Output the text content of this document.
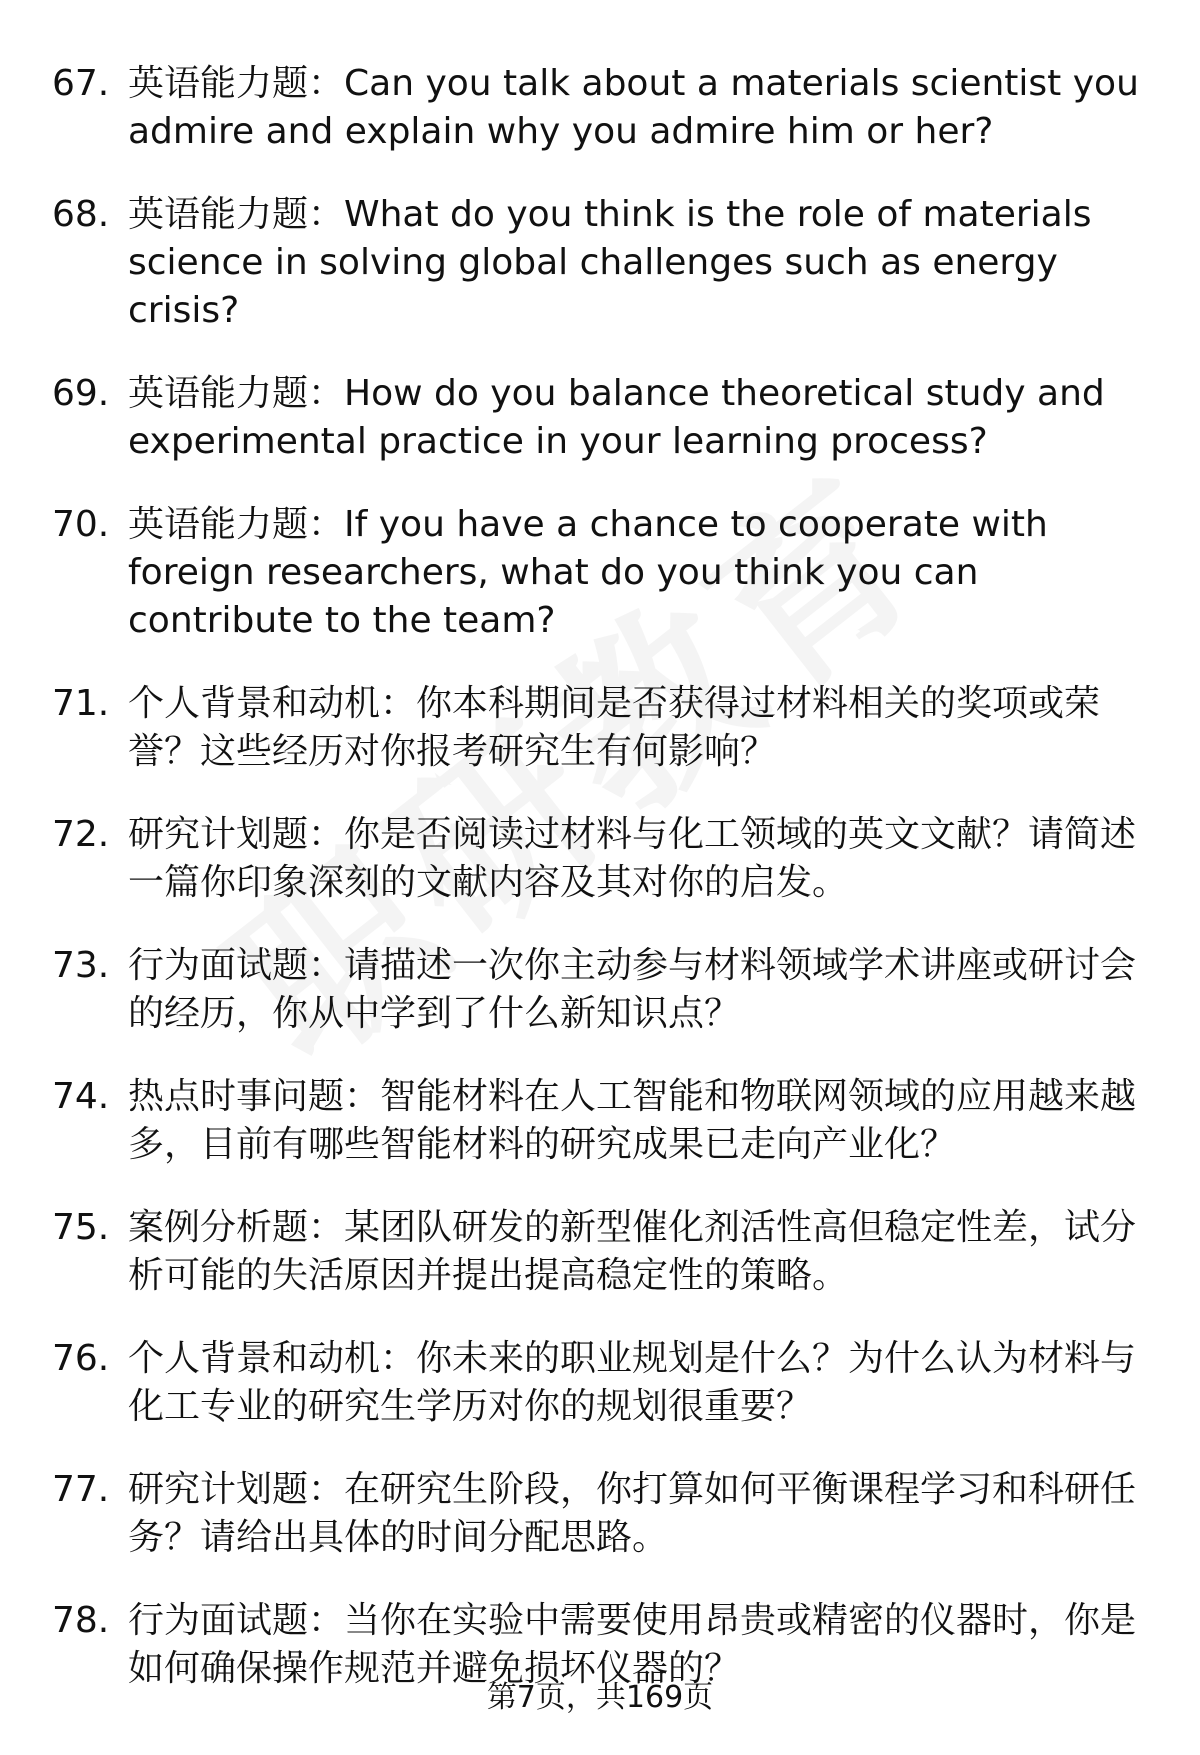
67. 英语能力题：Can you talk about a materials scientist you admire and explain why you admire him or her?
68. 英语能力题：What do you think is the role of materials science in solving global challenges such as energy crisis?
69. 英语能力题：How do you balance theoretical study and experimental practice in your learning process?
70. 英语能力题：If you have a chance to cooperate with foreign researchers, what do you think you can contribute to the team?
71. 个人背景和动机：你本科期间是否获得过材料相关的奖项或荣誉？这些经历对你报考研究生有何影响？
72. 研究计划题：你是否阅读过材料与化工领域的英文文献？请简述一篇你印象深刻的文献内容及其对你的启发。
73. 行为面试题：请描述一次你主动参与材料领域学术讲座或研讨会的经历，你从中学到了什么新知识点？
74. 热点时事问题：智能材料在人工智能和物联网领域的应用越来越多，目前有哪些智能材料的研究成果已走向产业化？
75. 案例分析题：某团队研发的新型催化剂活性高但稳定性差，试分析可能的失活原因并提出提高稳定性的策略。
76. 个人背景和动机：你未来的职业规划是什么？为什么认为材料与化工专业的研究生学历对你的规划很重要？
77. 研究计划题：在研究生阶段，你打算如何平衡课程学习和科研任务？请给出具体的时间分配思路。
78. 行为面试题：当你在实验中需要使用昂贵或精密的仪器时，你是如何确保操作规范并避免损坏仪器的？
第7页，共169页
